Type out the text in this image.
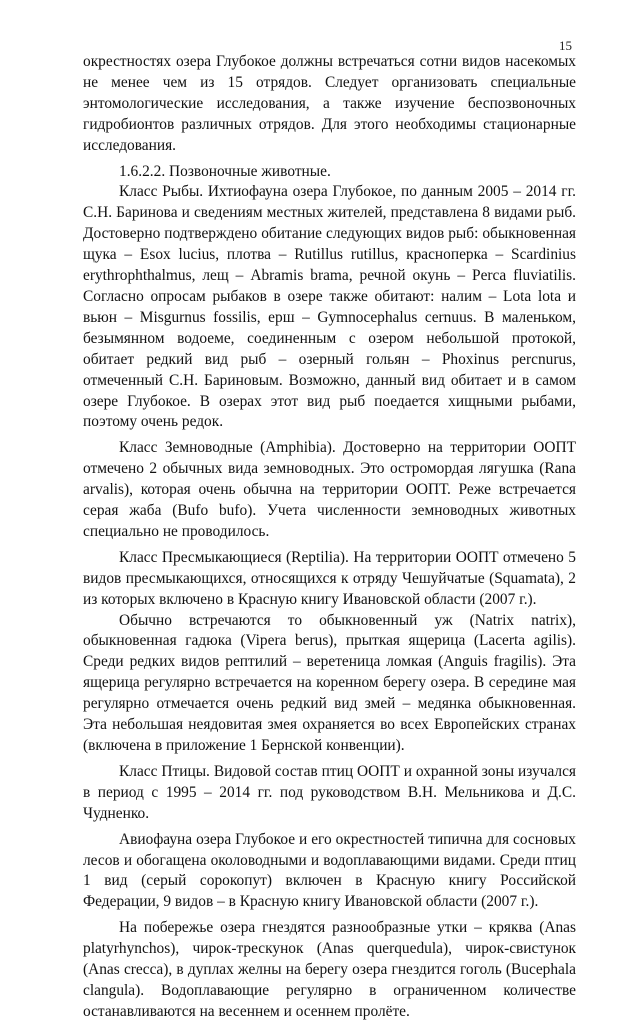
15

окрестностях озера Глубокое должны встречаться сотни видов насекомых не менее чем из 15 отрядов. Следует организовать специальные энтомологические исследования, а также изучение беспозвоночных гидробионтов различных отрядов. Для этого необходимы стационарные исследования.

1.6.2.2. Позвоночные животные.

Класс Рыбы. Ихтиофауна озера Глубокое, по данным 2005 – 2014 гг. С.Н. Баринова и сведениям местных жителей, представлена 8 видами рыб. Достоверно подтверждено обитание следующих видов рыб: обыкновенная щука – Esox lucius, плотва – Rutillus rutillus, красноперка – Scardinius erythrophthalmus, лещ – Abramis brama, речной окунь – Perca fluviatilis. Согласно опросам рыбаков в озере также обитают: налим – Lota lota и вьюн – Misgurnus fossilis, ерш – Gymnocephalus cernuus. В маленьком, безымянном водоеме, соединенным с озером небольшой протокой, обитает редкий вид рыб – озерный гольян – Phoxinus percnurus, отмеченный С.Н. Бариновым. Возможно, данный вид обитает и в самом озере Глубокое. В озерах этот вид рыб поедается хищными рыбами, поэтому очень редок.

Класс Земноводные (Amphibia). Достоверно на территории ООПТ отмечено 2 обычных вида земноводных. Это остромордая лягушка (Rana arvalis), которая очень обычна на территории ООПТ. Реже встречается серая жаба (Bufo bufo). Учета численности земноводных животных специально не проводилось.

Класс Пресмыкающиеся (Reptilia). На территории ООПТ отмечено 5 видов пресмыкающихся, относящихся к отряду Чешуйчатые (Squamata), 2 из которых включено в Красную книгу Ивановской области (2007 г.).

Обычно встречаются то обыкновенный уж (Natrix natrix), обыкновенная гадюка (Vipera berus), прыткая ящерица (Lacerta agilis). Среди редких видов рептилий – веретеница ломкая (Anguis fragilis). Эта ящерица регулярно встречается на коренном берегу озера. В середине мая регулярно отмечается очень редкий вид змей – медянка обыкновенная. Эта небольшая неядовитая змея охраняется во всех Европейских странах (включена в приложение 1 Бернской конвенции).

Класс Птицы. Видовой состав птиц ООПТ и охранной зоны изучался в период с 1995 – 2014 гг. под руководством В.Н. Мельникова и Д.С. Чудненко.

Авиофауна озера Глубокое и его окрестностей типична для сосновых лесов и обогащена околоводными и водоплавающими видами. Среди птиц 1 вид (серый сорокопут) включен в Красную книгу Российской Федерации, 9 видов – в Красную книгу Ивановской области (2007 г.).

На побережье озера гнездятся разнообразные утки – кряква (Anas platyrhynchos), чирок-трескунок (Anas querquedula), чирок-свистунок (Anas crecca), в дуплах желны на берегу озера гнездится гоголь (Bucephala clangula). Водоплавающие регулярно в ограниченном количестве останавливаются на весеннем и осеннем пролёте.
